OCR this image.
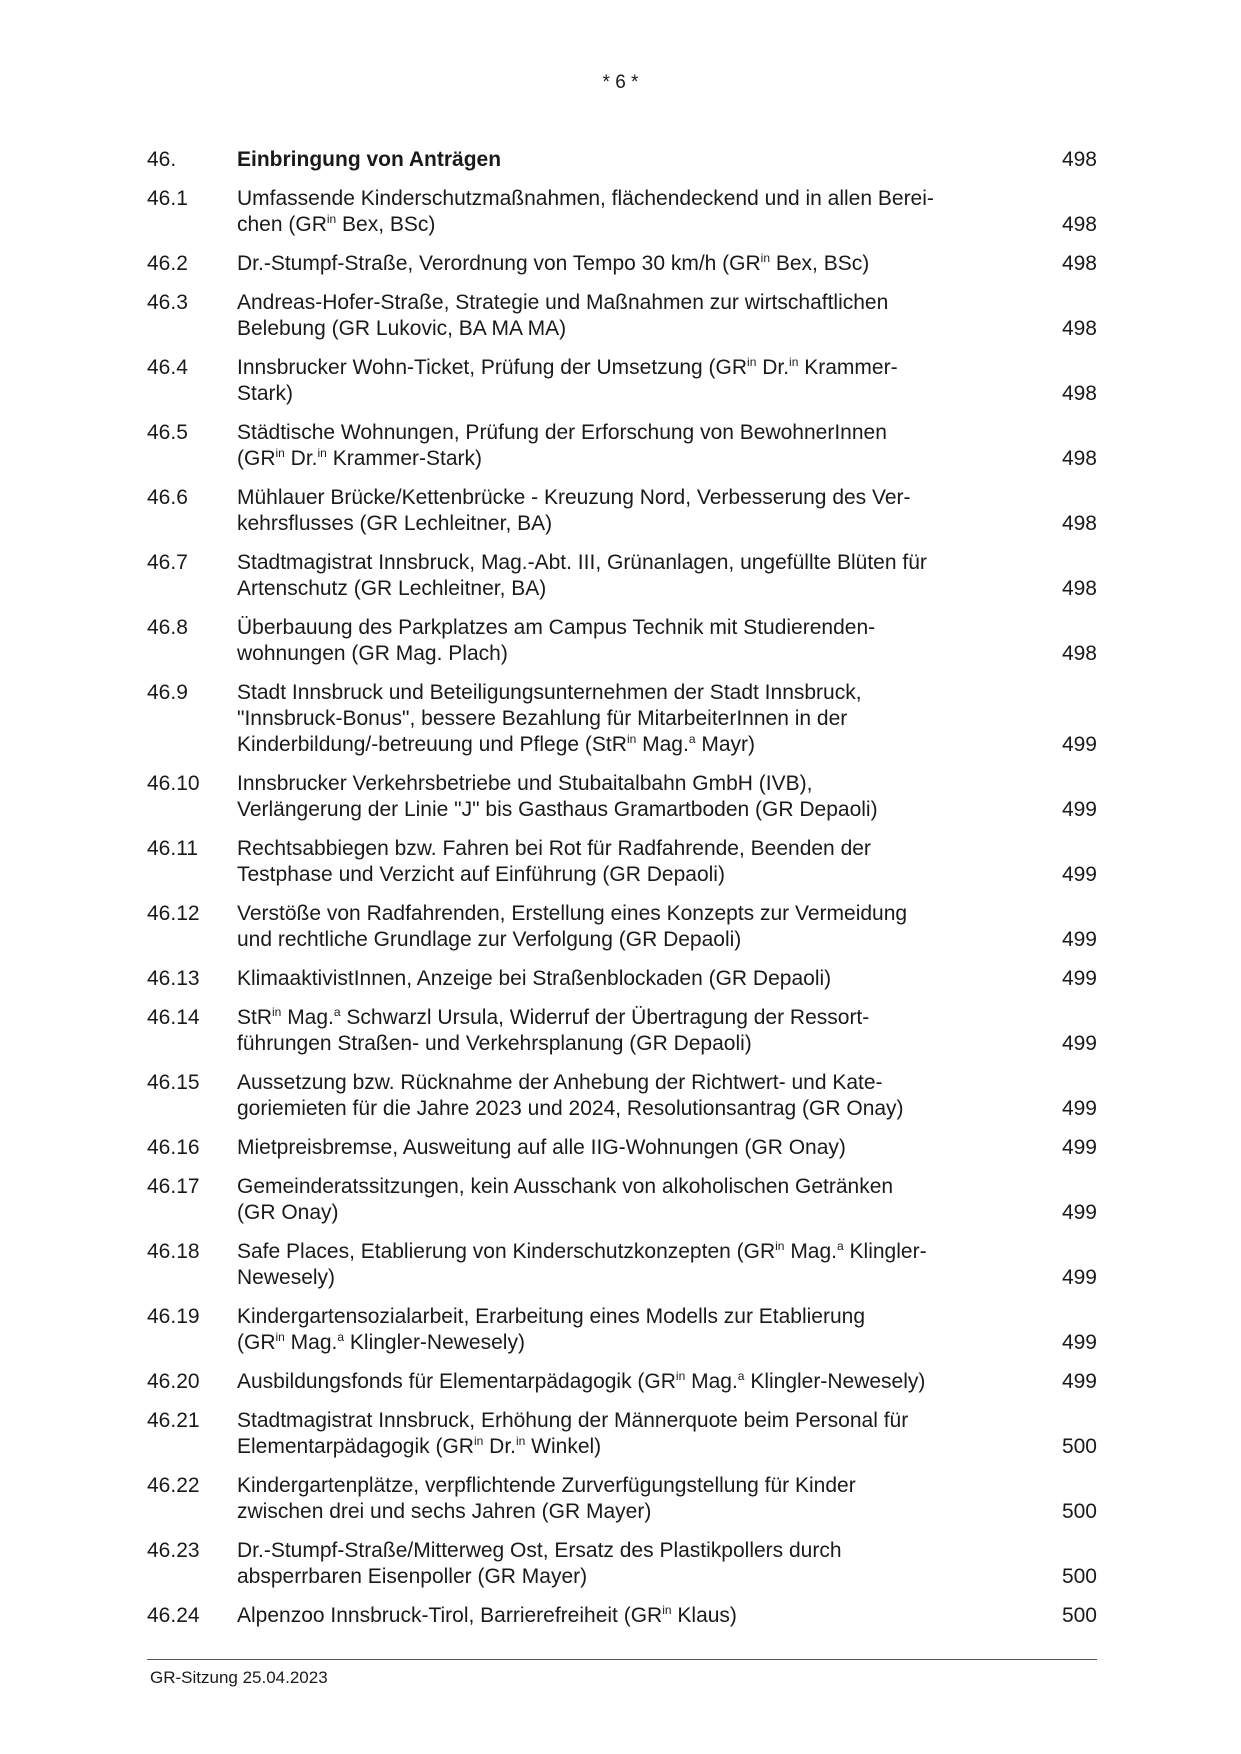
* 6 *
46.	Einbringung von Anträgen	498
46.1	Umfassende Kinderschutzmaßnahmen, flächendeckend und in allen Berei-
chen ($GR^{in}$ Bex, BSc)	498
46.2	Dr.-Stumpf-Straße, Verordnung von Tempo 30 km/h ($GR^{in}$ Bex, BSc)	498
46.3	Andreas-Hofer-Straße, Strategie und Maßnahmen zur wirtschaftlichen
Belebung (GR Lukovic, BA MA MA)	498
46.4	Innsbrucker Wohn-Ticket, Prüfung der Umsetzung ($GR^{in}$ Dr.$^{in}$ Krammer-
Stark)	498
46.5	Städtische Wohnungen, Prüfung der Erforschung von BewohnerInnen
($GR^{in}$ Dr.$^{in}$ Krammer-Stark)	498
46.6	Mühlauer Brücke/Kettenbrücke - Kreuzung Nord, Verbesserung des Ver-
kehrsflusses (GR Lechleitner, BA)	498
46.7	Stadtmagistrat Innsbruck, Mag.-Abt. III, Grünanlagen, ungefüllte Blüten für
Artenschutz (GR Lechleitner, BA)	498
46.8	Überbauung des Parkplatzes am Campus Technik mit Studierenden-
wohnungen (GR Mag. Plach)	498
46.9	Stadt Innsbruck und Beteiligungsunternehmen der Stadt Innsbruck,
"Innsbruck-Bonus", bessere Bezahlung für MitarbeiterInnen in der
Kinderbildung/-betreuung und Pflege (StR$^{in}$ Mag.$^a$ Mayr)	499
46.10	Innsbrucker Verkehrsbetriebe und Stubaitalbahn GmbH (IVB),
Verlängerung der Linie "J" bis Gasthaus Gramartboden (GR Depaoli)	499
46.11	Rechtsabbiegen bzw. Fahren bei Rot für Radfahrende, Beenden der
Testphase und Verzicht auf Einführung (GR Depaoli)	499
46.12	Verstöße von Radfahrenden, Erstellung eines Konzepts zur Vermeidung
und rechtliche Grundlage zur Verfolgung (GR Depaoli)	499
46.13	KlimaaktivistInnen, Anzeige bei Straßenblockaden (GR Depaoli)	499
46.14	StR$^{in}$ Mag.$^a$ Schwarzl Ursula, Widerruf der Übertragung der Ressort-
führungen Straßen- und Verkehrsplanung (GR Depaoli)	499
46.15	Aussetzung bzw. Rücknahme der Anhebung der Richtwert- und Kate-
goriemieten für die Jahre 2023 und 2024, Resolutionsantrag (GR Onay)	499
46.16	Mietpreisbremse, Ausweitung auf alle IIG-Wohnungen (GR Onay)	499
46.17	Gemeinderatssitzungen, kein Ausschank von alkoholischen Getränken
(GR Onay)	499
46.18	Safe Places, Etablierung von Kinderschutzkonzepten ($GR^{in}$ Mag.$^a$ Klingler-
Newesely)	499
46.19	Kindergartensozialarbeit, Erarbeitung eines Modells zur Etablierung
($GR^{in}$ Mag.$^a$ Klingler-Newesely)	499
46.20	Ausbildungsfonds für Elementarpädagogik ($GR^{in}$ Mag.$^a$ Klingler-Newesely)	499
46.21	Stadtmagistrat Innsbruck, Erhöhung der Männerquote beim Personal für
Elementarpädagogik ($GR^{in}$ Dr.$^{in}$ Winkel)	500
46.22	Kindergartenplätze, verpflichtende Zurverfügungstellung für Kinder
zwischen drei und sechs Jahren (GR Mayer)	500
46.23	Dr.-Stumpf-Straße/Mitterweg Ost, Ersatz des Plastikpollers durch
absperrbaren Eisenpoller (GR Mayer)	500
46.24	Alpenzoo Innsbruck-Tirol, Barrierefreiheit ($GR^{in}$ Klaus)	500
GR-Sitzung 25.04.2023
